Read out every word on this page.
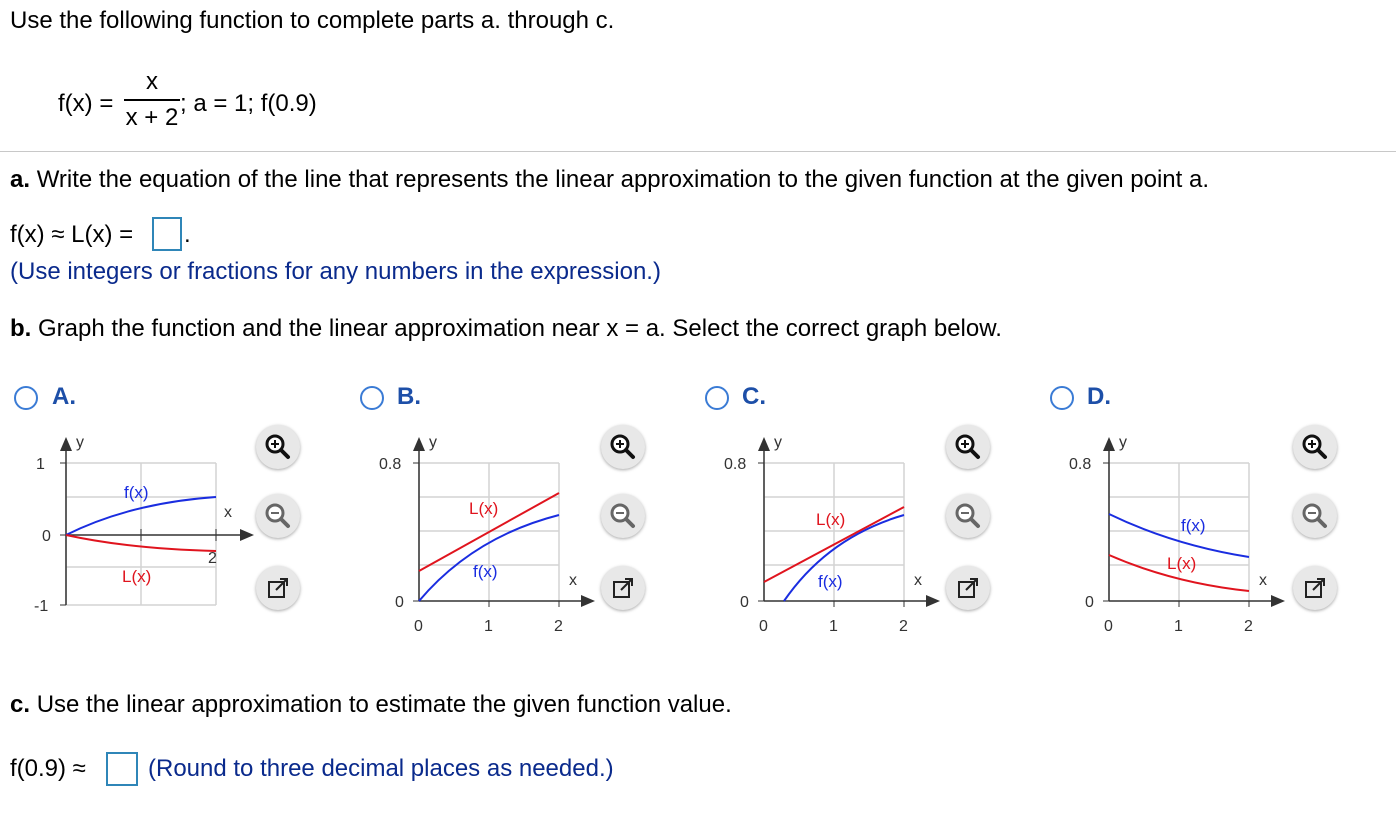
Use the following function to complete parts a. through c.
f(x) =
x
x + 2
; a = 1; f(0.9)
a. Write the equation of the line that represents the linear approximation to the given function at the given point a.
f(x) ≈ L(x) = .
(Use integers or fractions for any numbers in the expression.)
b. Graph the function and the linear approximation near x = a. Select the correct graph below.
A.	B.	C.	D.
1
0
-1
y
x
2
f(x)
L(x)
0.8
0
0	1	2
y
x
L(x)
f(x)
0.8
0
0	1	2
y
x
L(x)
f(x)
0.8
0
0	1	2
y
x
f(x)
L(x)
c. Use the linear approximation to estimate the given function value.
f(0.9) ≈	(Round to three decimal places as needed.)
